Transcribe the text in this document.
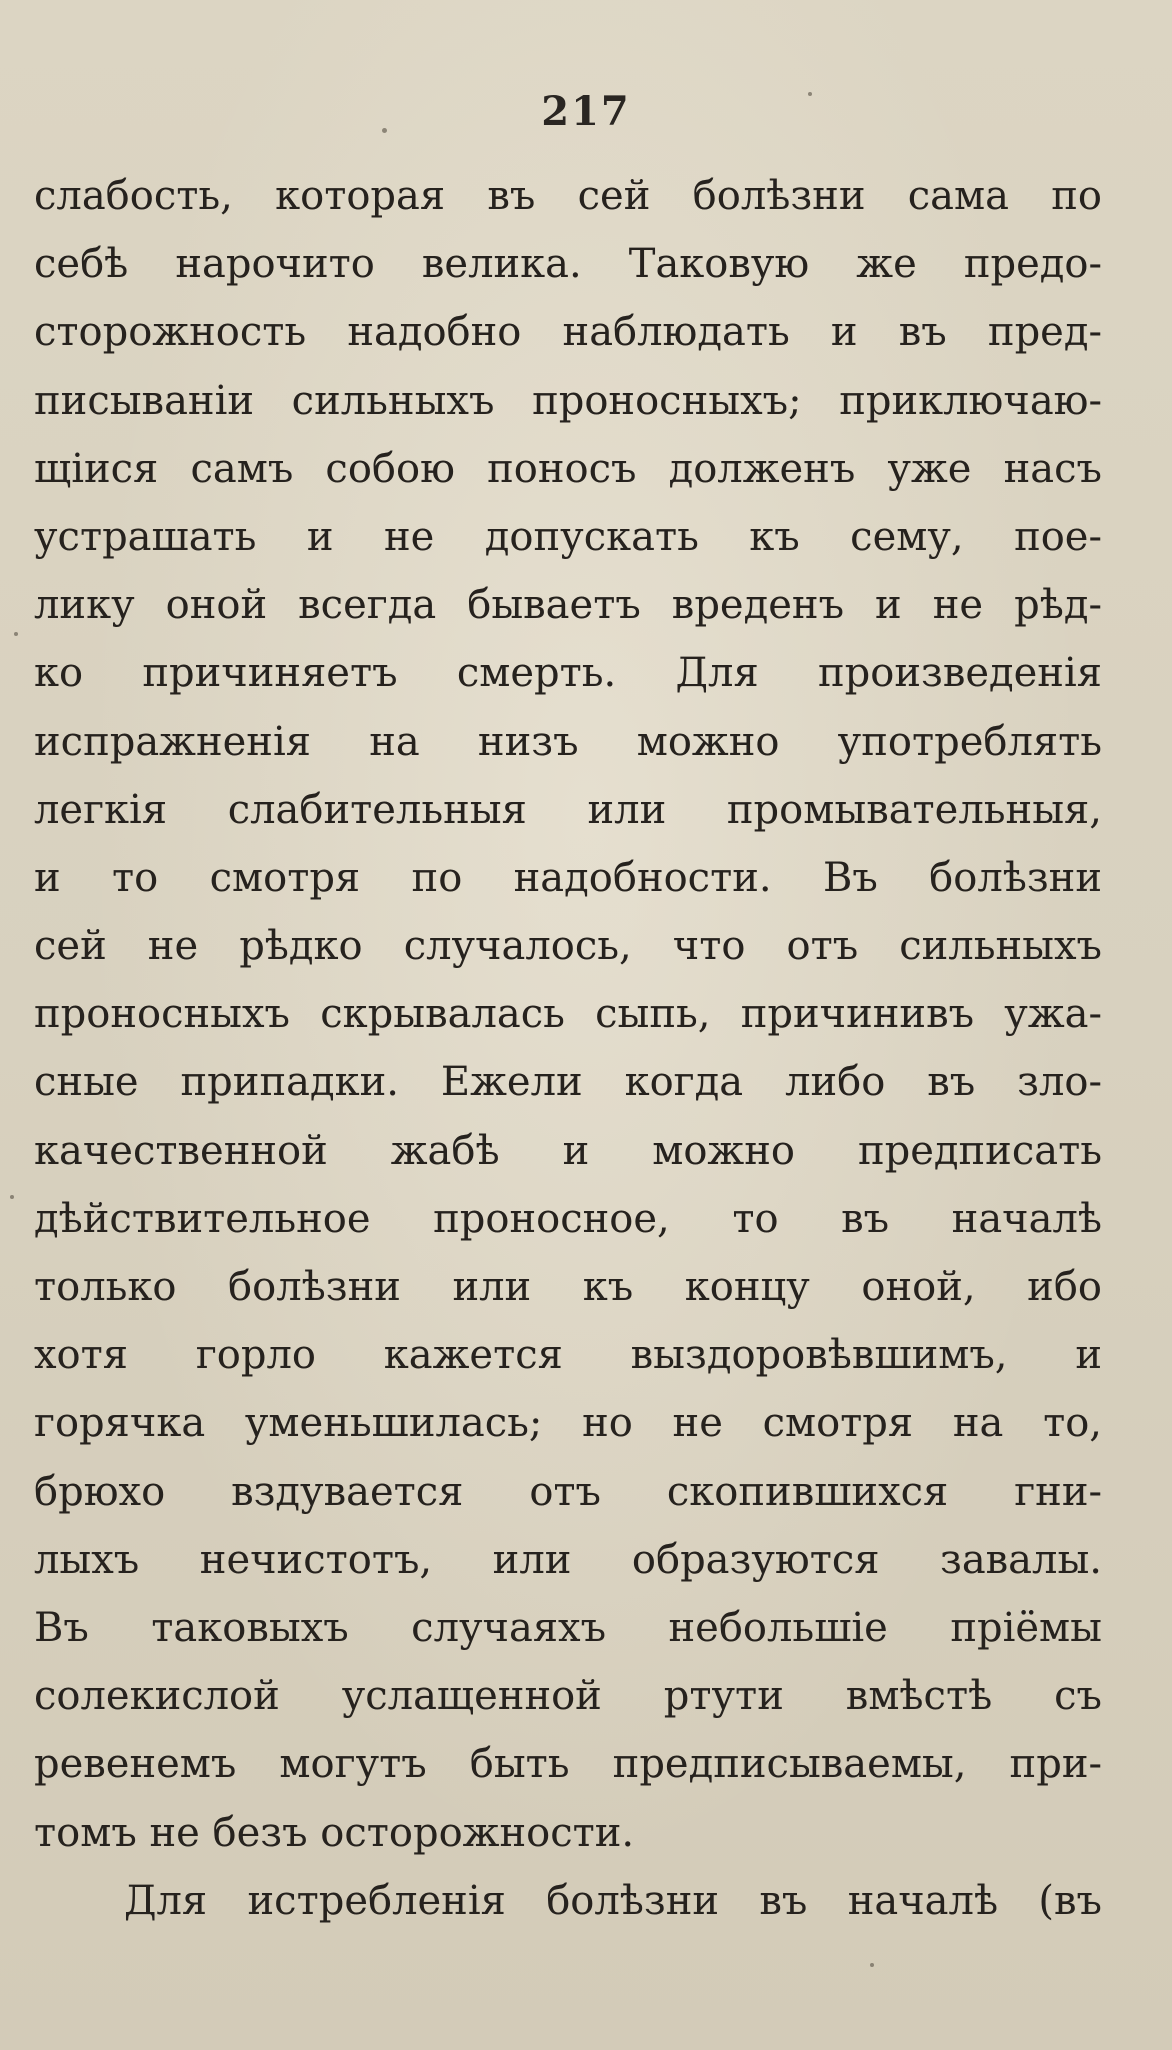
217
слабость, которая въ сей болѣзни сама по
себѣ нарочито велика. Таковую же предо-
сторожность надобно наблюдать и въ пред-
писываніи сильныхъ проносныхъ; приключаю-
щіися самъ собою поносъ долженъ уже насъ
устрашать и не допускать къ сему, пое-
лику оной всегда бываетъ вреденъ и не рѣд-
ко причиняетъ смерть. Для произведенія
испражненія на низъ можно употреблять
легкія слабительныя или промывательныя,
и то смотря по надобности. Въ болѣзни
сей не рѣдко случалось, что отъ сильныхъ
проносныхъ скрывалась сыпь, причинивъ ужа-
сные припадки. Ежели когда либо въ зло-
качественной жабѣ и можно предписать
дѣйствительное проносное, то въ началѣ
только болѣзни или къ концу оной, ибо
хотя горло кажется выздоровѣвшимъ, и
горячка уменьшилась; но не смотря на то,
брюхо вздувается отъ скопившихся гни-
лыхъ нечистотъ, или образуются завалы.
Въ таковыхъ случаяхъ небольшіе пріёмы
солекислой услащенной ртути вмѣстѣ съ
ревенемъ могутъ быть предписываемы, при-
томъ не безъ осторожности.
Для истребленія болѣзни въ началѣ (въ
